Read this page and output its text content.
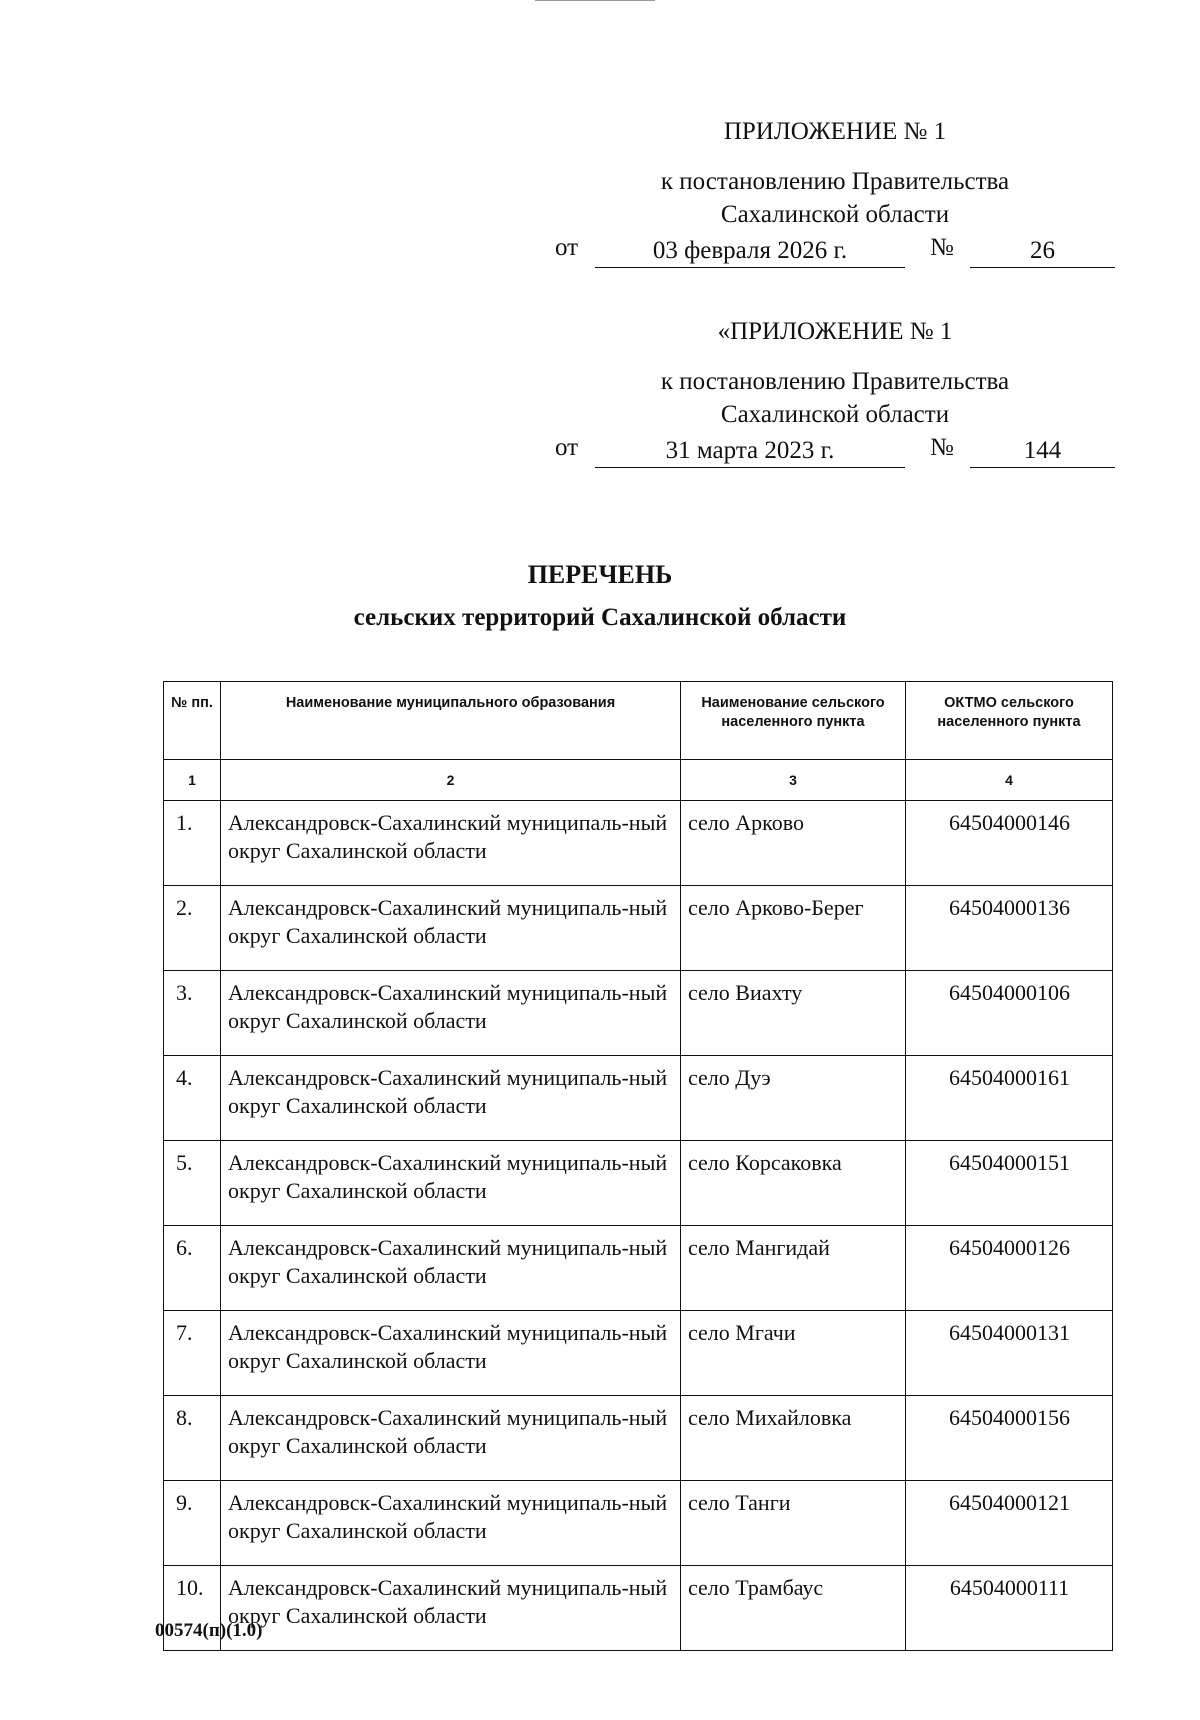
ПРИЛОЖЕНИЕ № 1
к постановлению Правительства
Сахалинской области
от	03 февраля 2026 г.	№	26
«ПРИЛОЖЕНИЕ № 1
к постановлению Правительства
Сахалинской области
от	31 марта 2023 г.	№	144
ПЕРЕЧЕНЬ
сельских территорий Сахалинской области
№ пп.	Наименование муниципального образования	Наименование сельского населенного пункта	ОКТМО сельского населенного пункта
1	2	3	4
1.	Александровск-Сахалинский муниципаль-ный округ Сахалинской области	село Арково	64504000146
2.	Александровск-Сахалинский муниципаль-ный округ Сахалинской области	село Арково-Берег	64504000136
3.	Александровск-Сахалинский муниципаль-ный округ Сахалинской области	село Виахту	64504000106
4.	Александровск-Сахалинский муниципаль-ный округ Сахалинской области	село Дуэ	64504000161
5.	Александровск-Сахалинский муниципаль-ный округ Сахалинской области	село Корсаковка	64504000151
6.	Александровск-Сахалинский муниципаль-ный округ Сахалинской области	село Мангидай	64504000126
7.	Александровск-Сахалинский муниципаль-ный округ Сахалинской области	село Мгачи	64504000131
8.	Александровск-Сахалинский муниципаль-ный округ Сахалинской области	село Михайловка	64504000156
9.	Александровск-Сахалинский муниципаль-ный округ Сахалинской области	село Танги	64504000121
10.	Александровск-Сахалинский муниципаль-ный округ Сахалинской области	село Трамбаус	64504000111
00574(п)(1.0)
